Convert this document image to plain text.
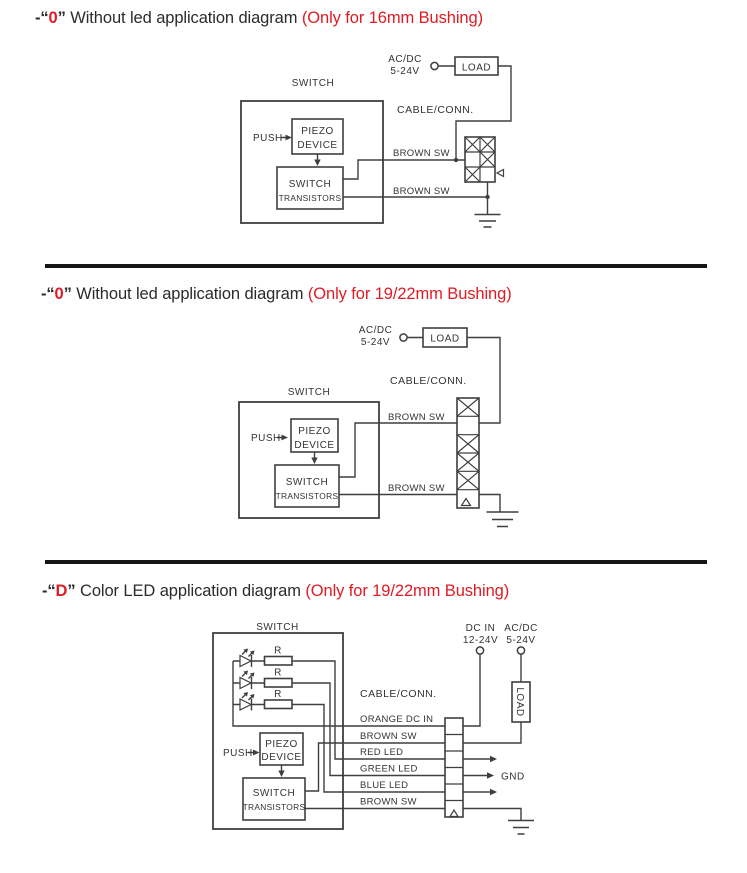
-“0” Without led application diagram (Only for 16mm Bushing)
-“0” Without led application diagram (Only for 19/22mm Bushing)
-“D” Color LED application diagram (Only for 19/22mm Bushing)
SWITCH
AC/DC
5-24V	LOAD
CABLE/CONN.
PUSH
PIEZO
DEVICE
SWITCH
TRANSISTORS
BROWN SW
BROWN SW
AC/DC
5-24V	LOAD
CABLE/CONN.
SWITCH
PUSH
PIEZO
DEVICE
SWITCH
TRANSISTORS
BROWN SW
BROWN SW
SWITCH
R
R
R	CABLE/CONN.
ORANGE DC IN
BROWN SW
RED LED
GREEN LED
BLUE LED
BROWN SW
PUSH
PIEZO
DEVICE
SWITCH
TRANSISTORS
DC IN
12-24V
AC/DC
5-24V
LOAD
GND
